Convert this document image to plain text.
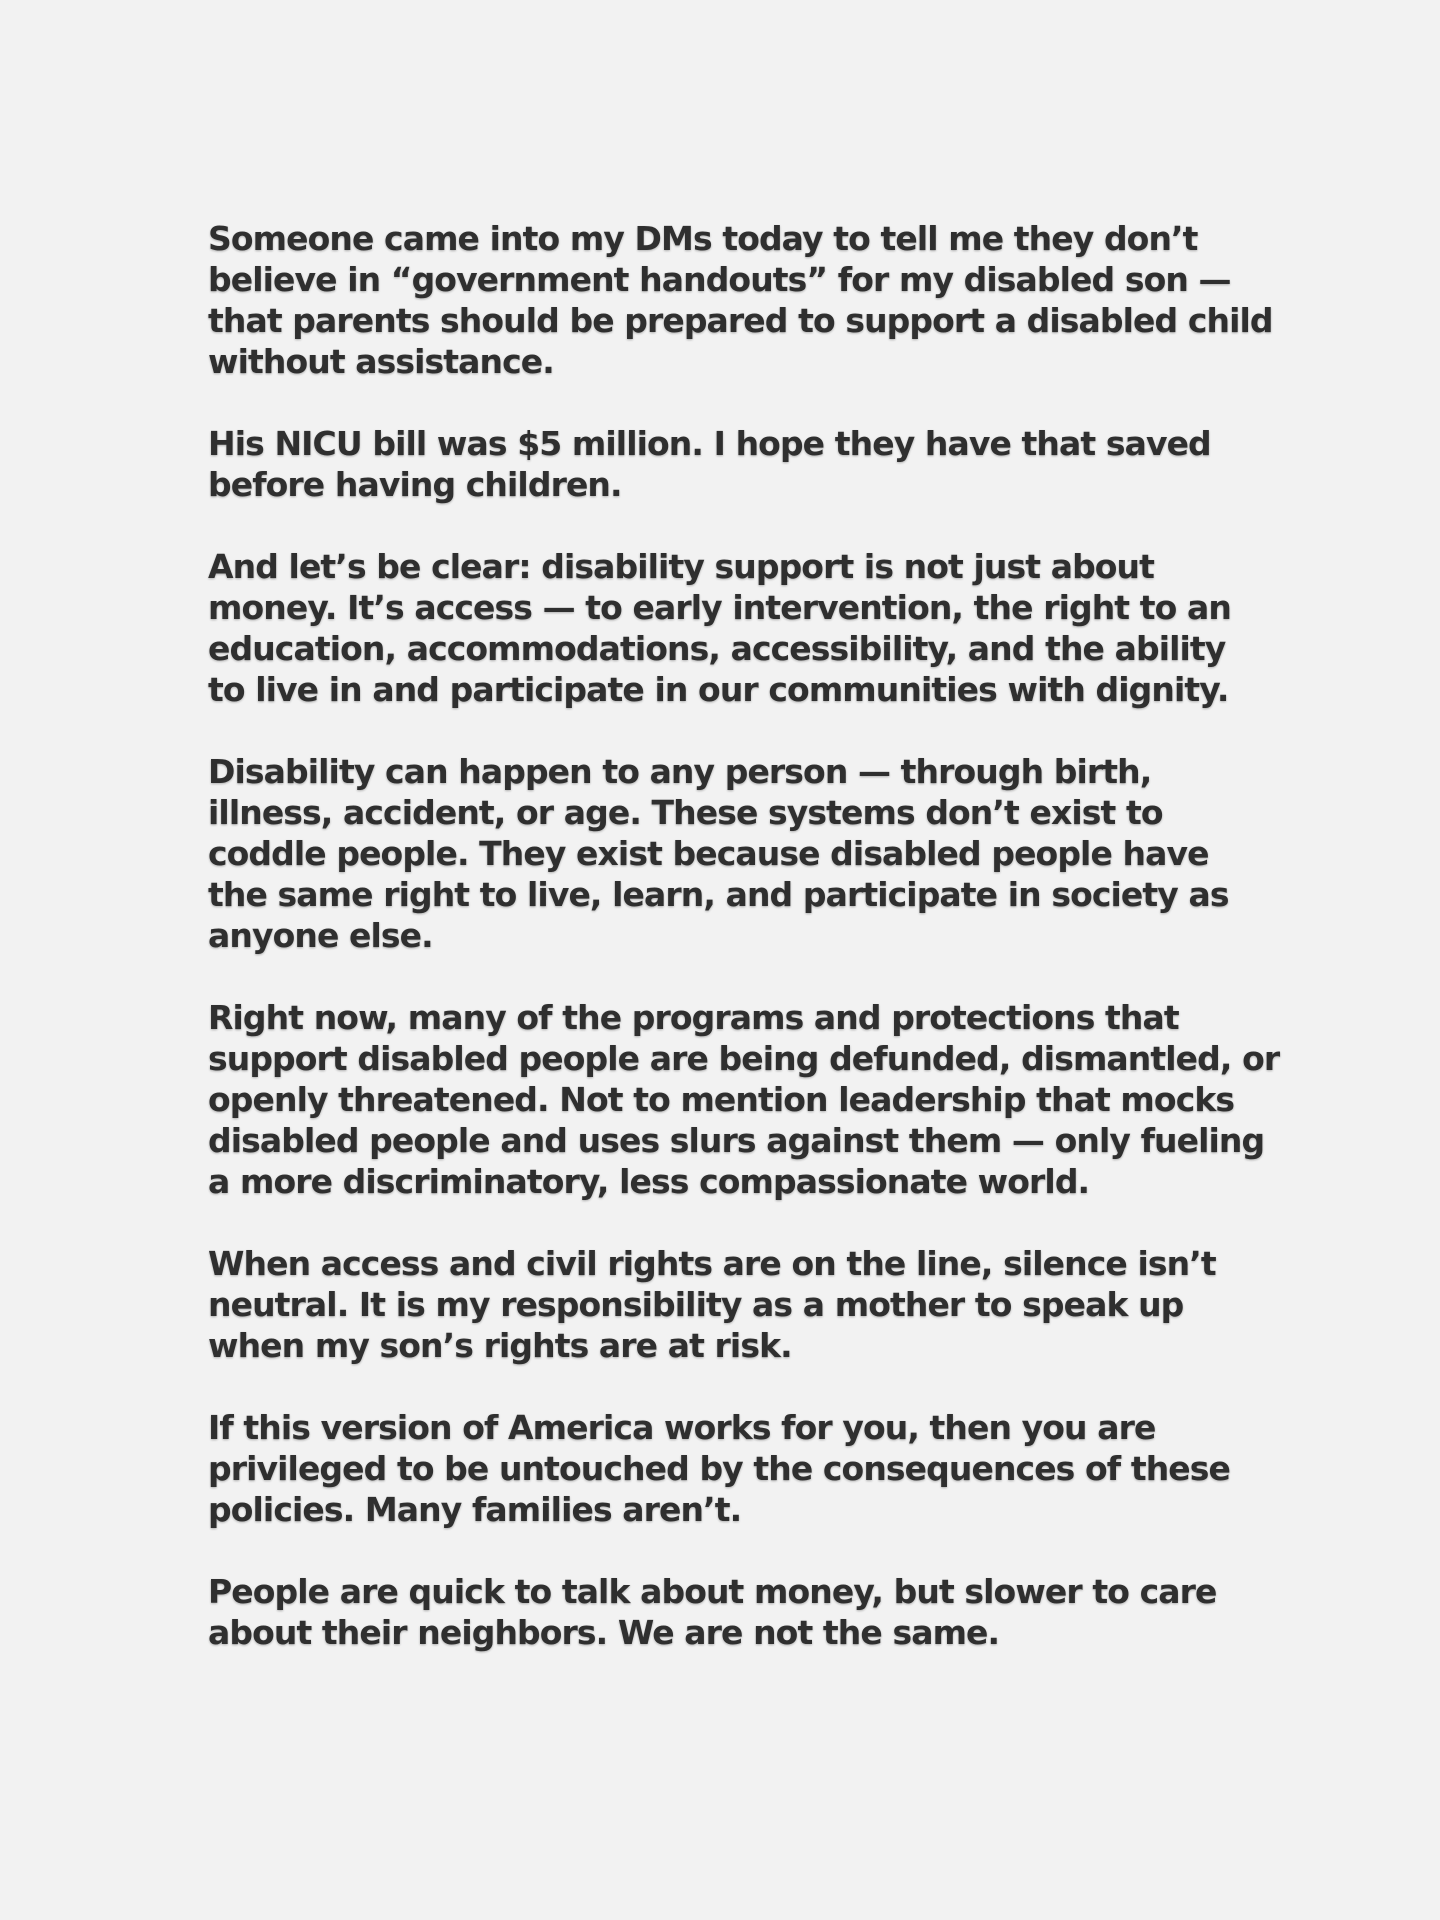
Someone came into my DMs today to tell me they don’t
believe in “government handouts” for my disabled son —
that parents should be prepared to support a disabled child
without assistance.

His NICU bill was $5 million. I hope they have that saved
before having children.

And let’s be clear: disability support is not just about
money. It’s access — to early intervention, the right to an
education, accommodations, accessibility, and the ability
to live in and participate in our communities with dignity.

Disability can happen to any person — through birth,
illness, accident, or age. These systems don’t exist to
coddle people. They exist because disabled people have
the same right to live, learn, and participate in society as
anyone else.

Right now, many of the programs and protections that
support disabled people are being defunded, dismantled, or
openly threatened. Not to mention leadership that mocks
disabled people and uses slurs against them — only fueling
a more discriminatory, less compassionate world.

When access and civil rights are on the line, silence isn’t
neutral. It is my responsibility as a mother to speak up
when my son’s rights are at risk.

If this version of America works for you, then you are
privileged to be untouched by the consequences of these
policies. Many families aren’t.

People are quick to talk about money, but slower to care
about their neighbors. We are not the same.
